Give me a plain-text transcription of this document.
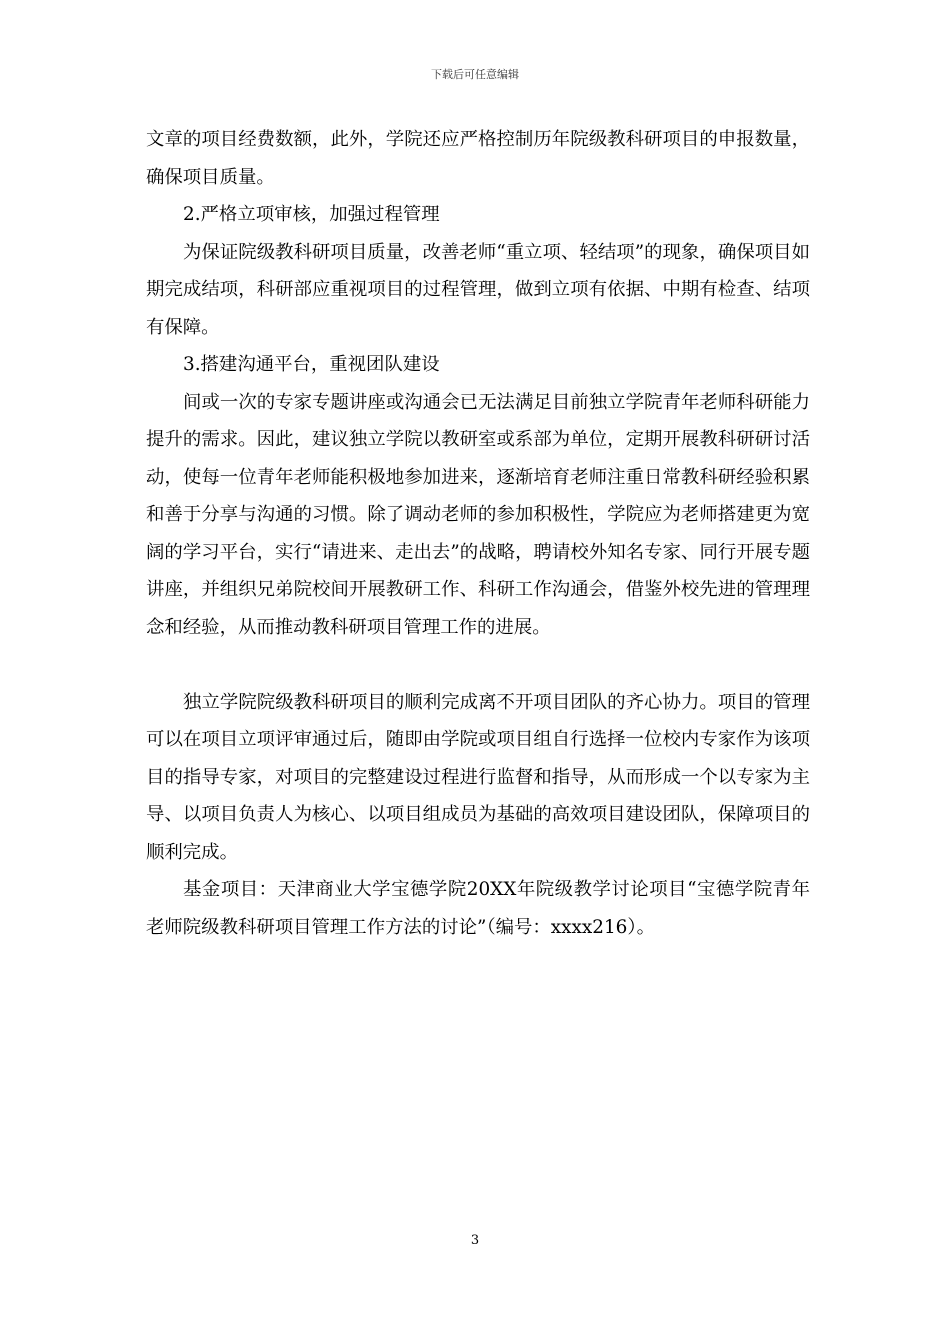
下载后可任意编辑

文章的项目经费数额，此外，学院还应严格控制历年院级教科研项目的申报数量，确保项目质量。

2.严格立项审核，加强过程管理

为保证院级教科研项目质量，改善老师“重立项、轻结项”的现象，确保项目如期完成结项，科研部应重视项目的过程管理，做到立项有依据、中期有检查、结项有保障。

3.搭建沟通平台，重视团队建设

间或一次的专家专题讲座或沟通会已无法满足目前独立学院青年老师科研能力提升的需求。因此，建议独立学院以教研室或系部为单位，定期开展教科研研讨活动，使每一位青年老师能积极地参加进来，逐渐培育老师注重日常教科研经验积累和善于分享与沟通的习惯。除了调动老师的参加积极性，学院应为老师搭建更为宽阔的学习平台，实行“请进来、走出去”的战略，聘请校外知名专家、同行开展专题讲座，并组织兄弟院校间开展教研工作、科研工作沟通会，借鉴外校先进的管理理念和经验，从而推动教科研项目管理工作的进展。

独立学院院级教科研项目的顺利完成离不开项目团队的齐心协力。项目的管理可以在项目立项评审通过后，随即由学院或项目组自行选择一位校内专家作为该项目的指导专家，对项目的完整建设过程进行监督和指导，从而形成一个以专家为主导、以项目负责人为核心、以项目组成员为基础的高效项目建设团队，保障项目的顺利完成。

基金项目：天津商业大学宝德学院20XX年院级教学讨论项目“宝德学院青年老师院级教科研项目管理工作方法的讨论”（编号：xxxx216）。

3
